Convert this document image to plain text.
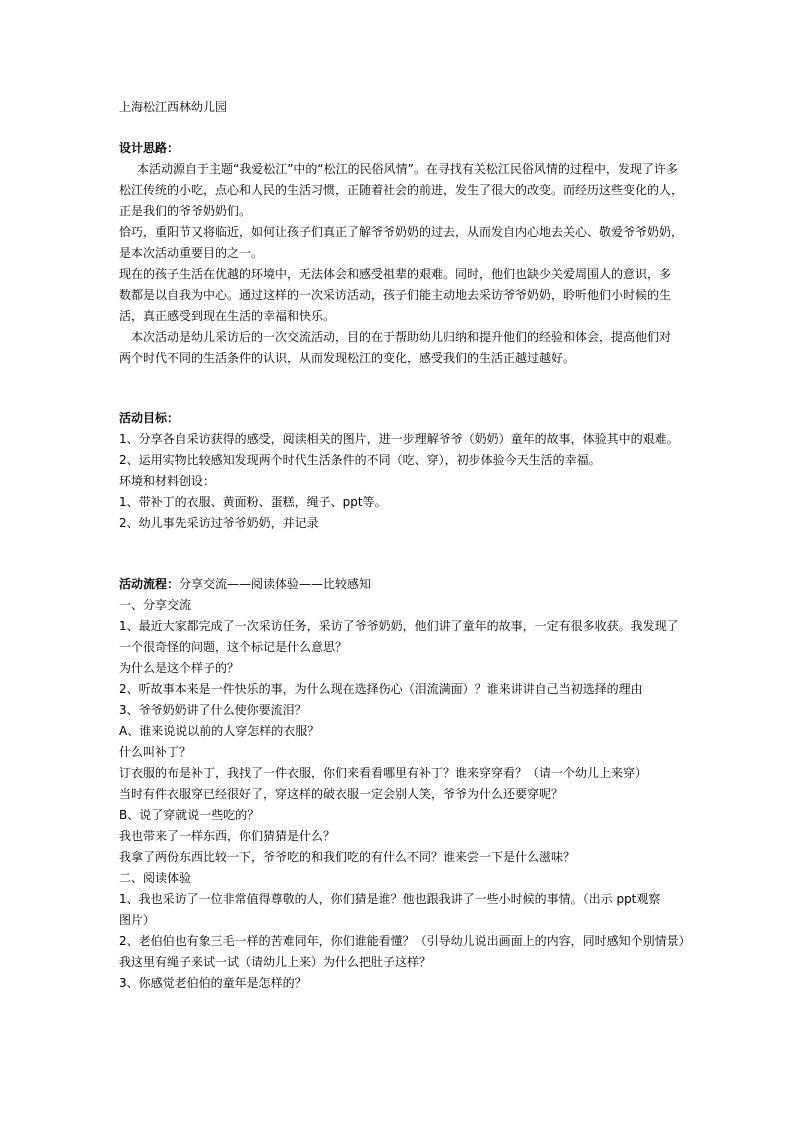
上海松江西林幼儿园
设计思路：
本活动源自于主题“我爱松江”中的“松江的民俗风情”。在寻找有关松江民俗风情的过程中，发现了许多
松江传统的小吃，点心和人民的生活习惯，正随着社会的前进，发生了很大的改变。而经历这些变化的人，
正是我们的爷爷奶奶们。
恰巧，重阳节又将临近，如何让孩子们真正了解爷爷奶奶的过去，从而发自内心地去关心、敬爱爷爷奶奶，
是本次活动重要目的之一。
现在的孩子生活在优越的环境中，无法体会和感受祖辈的艰难。同时，他们也缺少关爱周围人的意识，多
数都是以自我为中心。通过这样的一次采访活动，孩子们能主动地去采访爷爷奶奶，聆听他们小时候的生
活，真正感受到现在生活的幸福和快乐。
本次活动是幼儿采访后的一次交流活动，目的在于帮助幼儿归纳和提升他们的经验和体会，提高他们对
两个时代不同的生活条件的认识，从而发现松江的变化，感受我们的生活正越过越好。
活动目标：
1、分享各自采访获得的感受，阅读相关的图片，进一步理解爷爷（奶奶）童年的故事，体验其中的艰难。
2、运用实物比较感知发现两个时代生活条件的不同（吃、穿），初步体验今天生活的幸福。
环境和材料创设：
1、带补丁的衣服、黄面粉、蛋糕，绳子、ppt等。
2、幼儿事先采访过爷爷奶奶，并记录
活动流程：分享交流——阅读体验——比较感知
一、分享交流
1、最近大家都完成了一次采访任务，采访了爷爷奶奶，他们讲了童年的故事，一定有很多收获。我发现了
一个很奇怪的问题，这个标记是什么意思？
为什么是这个样子的？
2、听故事本来是一件快乐的事，为什么现在选择伤心（泪流满面）？谁来讲讲自己当初选择的理由
3、爷爷奶奶讲了什么使你要流泪？
A、谁来说说以前的人穿怎样的衣服？
什么叫补丁？
订衣服的布是补丁，我找了一件衣服，你们来看看哪里有补丁？谁来穿穿看？（请一个幼儿上来穿）
当时有件衣服穿已经很好了，穿这样的破衣服一定会别人笑，爷爷为什么还要穿呢？
B、说了穿就说一些吃的？
我也带来了一样东西，你们猜猜是什么？
我拿了两份东西比较一下，爷爷吃的和我们吃的有什么不同？谁来尝一下是什么滋味？
二、阅读体验
1、我也采访了一位非常值得尊敬的人，你们猜是谁？他也跟我讲了一些小时候的事情。（出示 ppt观察
图片）
2、老伯伯也有象三毛一样的苦难同年，你们谁能看懂？（引导幼儿说出画面上的内容，同时感知个别情景）
我这里有绳子来试一试（请幼儿上来）为什么把肚子这样？
3、你感觉老伯伯的童年是怎样的？
